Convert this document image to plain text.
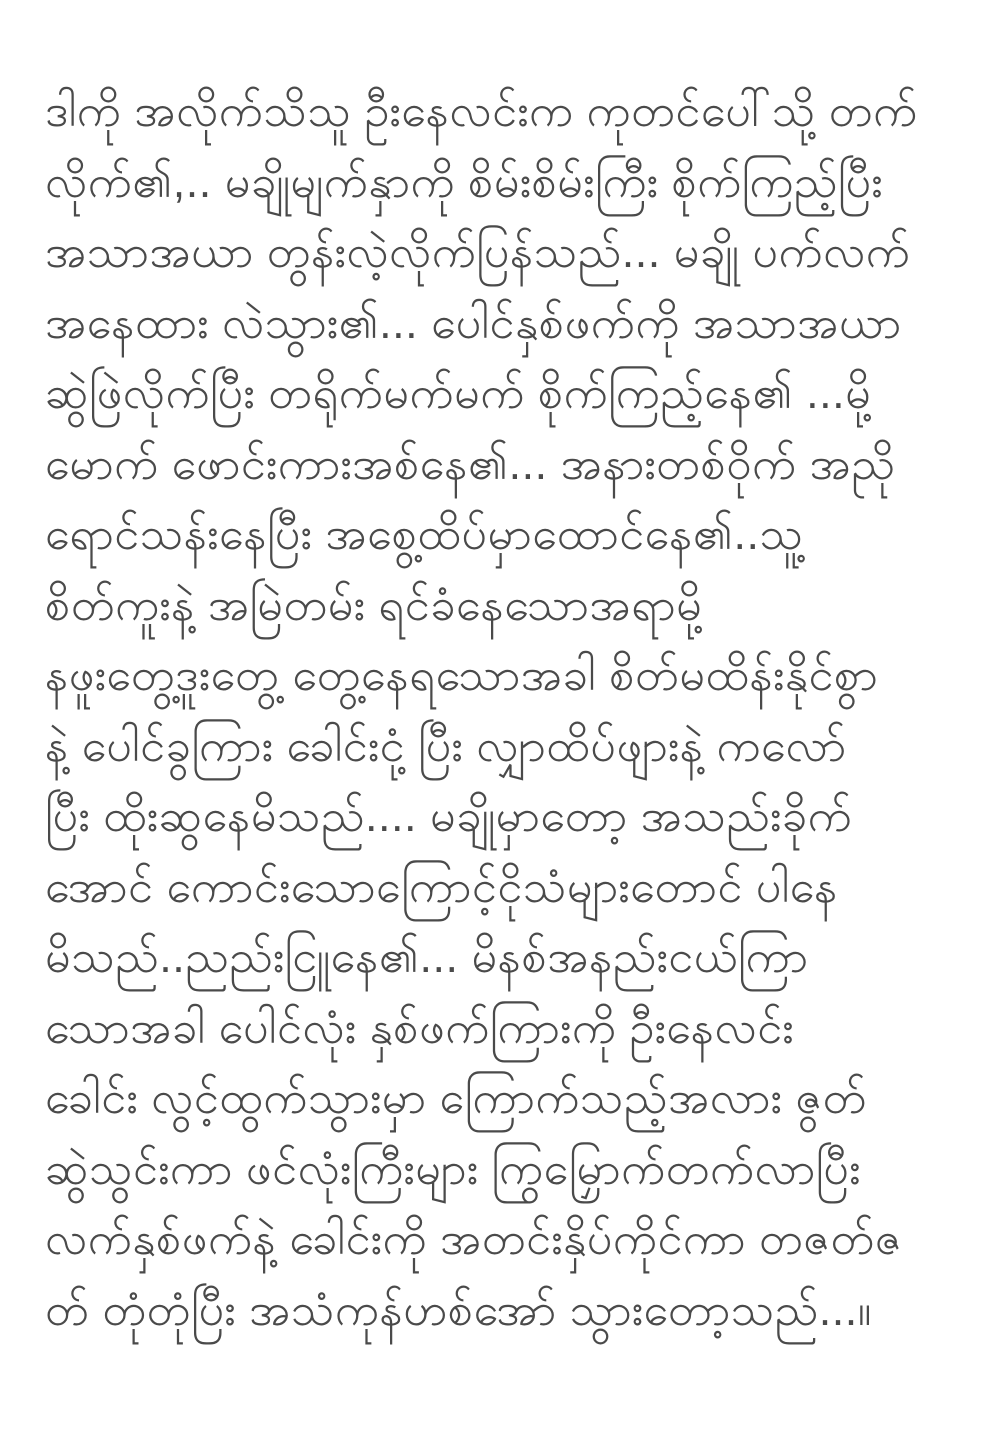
ဒါကို အလိုက်သိသူ ဦးနေလင်းက ကုတင်ပေါ်သို့ တက်
လိုက်၏,.. မချိုမျက်နှာကို စိမ်းစိမ်းကြီး စိုက်ကြည့်ပြီး
အသာအယာ တွန်းလဲ့လိုက်ပြန်သည်... မချို ပက်လက်
အနေထား လဲသွား၏... ပေါင်နှစ်ဖက်ကို အသာအယာ
ဆွဲဖြဲလိုက်ပြီး တရိုက်မက်မက် စိုက်ကြည့်နေ၏ ...မို့
မောက် ဖောင်းကားအစ်နေ၏... အနားတစ်ဝိုက် အညို
ရောင်သန်းနေပြီး အစွေ့ထိပ်မှာထောင်နေ၏..သူ့
စိတ်ကူးနဲ့ အမြဲတမ်း ရင်ခံနေသောအရာမို့
နဖူးတွေ့ဒူးတွေ့ တွေ့နေရသောအခါ စိတ်မထိန်းနိုင်စွာ
နဲ့ ပေါင်ခွကြား ခေါင်းငုံ့ ပြီး လျှာထိပ်ဖျားနဲ့ ကလော်
ပြီး ထိုးဆွနေမိသည်.... မချိုမှာတော့ အသည်းခိုက်
အောင် ကောင်းသောကြောင့်ငိုသံများတောင် ပါနေ
မိသည်..ညည်းငြူနေ၏... မိနစ်အနည်းငယ်ကြာ
သောအခါ ပေါင်လုံး နှစ်ဖက်ကြားကို ဦးနေလင်း
ခေါင်း လွင့်ထွက်သွားမှာ ကြောက်သည့်အလား ဇွတ်
ဆွဲသွင်းကာ ဖင်လုံးကြီးများ ကြွမြှောက်တက်လာပြီး
လက်နှစ်ဖက်နဲ့ ခေါင်းကို အတင်းနှိပ်ကိုင်ကာ တဇတ်ဇ
တ် တုံတုံပြီး အသံကုန်ဟစ်အော် သွားတော့သည်...။
